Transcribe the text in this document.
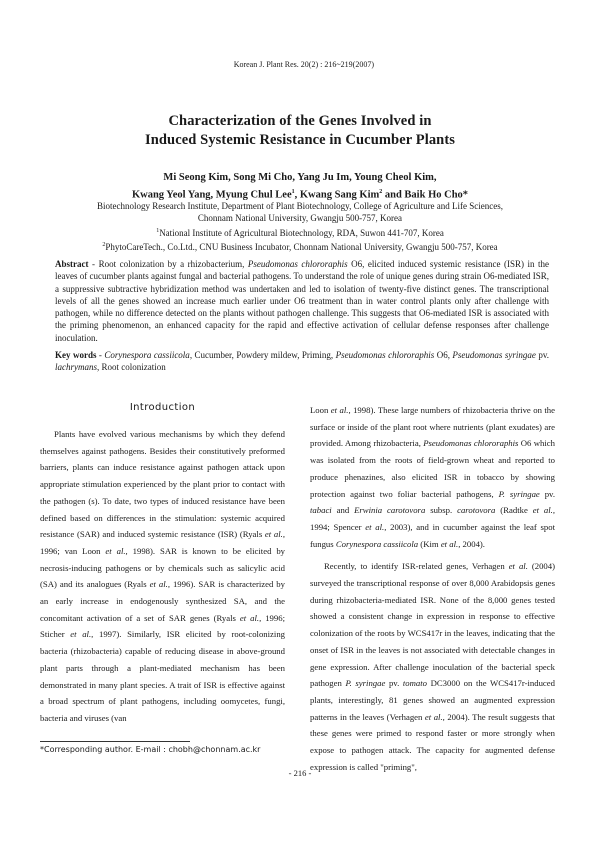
Korean J. Plant Res. 20(2) : 216~219(2007)
Characterization of the Genes Involved in
Induced Systemic Resistance in Cucumber Plants
Mi Seong Kim, Song Mi Cho, Yang Ju Im, Young Cheol Kim,
Kwang Yeol Yang, Myung Chul Lee$^1$, Kwang Sang Kim$^2$ and Baik Ho Cho*
Biotechnology Research Institute, Department of Plant Biotechnology, College of Agriculture and Life Sciences,
Chonnam National University, Gwangju 500-757, Korea
$^1$National Institute of Agricultural Biotechnology, RDA, Suwon 441-707, Korea
$^2$PhytoCareTech., Co.Ltd., CNU Business Incubator, Chonnam National University, Gwangju 500-757, Korea
Abstract - Root colonization by a rhizobacterium, Pseudomonas chlororaphis O6, elicited induced systemic resistance (ISR) in the leaves of cucumber plants against fungal and bacterial pathogens. To understand the role of unique genes during strain O6-mediated ISR, a suppressive subtractive hybridization method was undertaken and led to isolation of twenty-five distinct genes. The transcriptional levels of all the genes showed an increase much earlier under O6 treatment than in water control plants only after challenge with pathogen, while no difference detected on the plants without pathogen challenge. This suggests that O6-mediated ISR is associated with the priming phenomenon, an enhanced capacity for the rapid and effective activation of cellular defense responses after challenge inoculation.
Key words - Corynespora cassiicola, Cucumber, Powdery mildew, Priming, Pseudomonas chlororaphis O6, Pseudomonas syringae pv. lachrymans, Root colonization
Introduction

Plants have evolved various mechanisms by which they defend themselves against pathogens. Besides their constitutively preformed barriers, plants can induce resistance against pathogen attack upon appropriate stimulation experienced by the plant prior to contact with the pathogen (s). To date, two types of induced resistance have been defined based on differences in the stimulation: systemic acquired resistance (SAR) and induced systemic resistance (ISR) (Ryals et al., 1996; van Loon et al., 1998). SAR is known to be elicited by necrosis-inducing pathogens or by chemicals such as salicylic acid (SA) and its analogues (Ryals et al., 1996). SAR is characterized by an early increase in endogenously synthesized SA, and the concomitant activation of a set of SAR genes (Ryals et al., 1996; Sticher et al., 1997). Similarly, ISR elicited by root-colonizing bacteria (rhizobacteria) capable of reducing disease in above-ground plant parts through a plant-mediated mechanism has been demonstrated in many plant species. A trait of ISR is effective against a broad spectrum of plant pathogens, including oomycetes, fungi, bacteria and viruses (van

Loon et al., 1998). These large numbers of rhizobacteria thrive on the surface or inside of the plant root where nutrients (plant exudates) are provided. Among rhizobacteria, Pseudomonas chlororaphis O6 which was isolated from the roots of field-grown wheat and reported to produce phenazines, also elicited ISR in tobacco by showing protection against two foliar bacterial pathogens, P. syringae pv. tabaci and Erwinia carotovora subsp. carotovora (Radtke et al., 1994; Spencer et al., 2003), and in cucumber against the leaf spot fungus Corynespora cassiicola (Kim et al., 2004).

Recently, to identify ISR-related genes, Verhagen et al. (2004) surveyed the transcriptional response of over 8,000 Arabidopsis genes during rhizobacteria-mediated ISR. None of the 8,000 genes tested showed a consistent change in expression in response to effective colonization of the roots by WCS417r in the leaves, indicating that the onset of ISR in the leaves is not associated with detectable changes in gene expression. After challenge inoculation of the bacterial speck pathogen P. syringae pv. tomato DC3000 on the WCS417r-induced plants, interestingly, 81 genes showed an augmented expression patterns in the leaves (Verhagen et al., 2004). The result suggests that these genes were primed to respond faster or more strongly when expose to pathogen attack. The capacity for augmented defense expression is called "priming",

*Corresponding author. E-mail : chobh@chonnam.ac.kr
- 216 -
